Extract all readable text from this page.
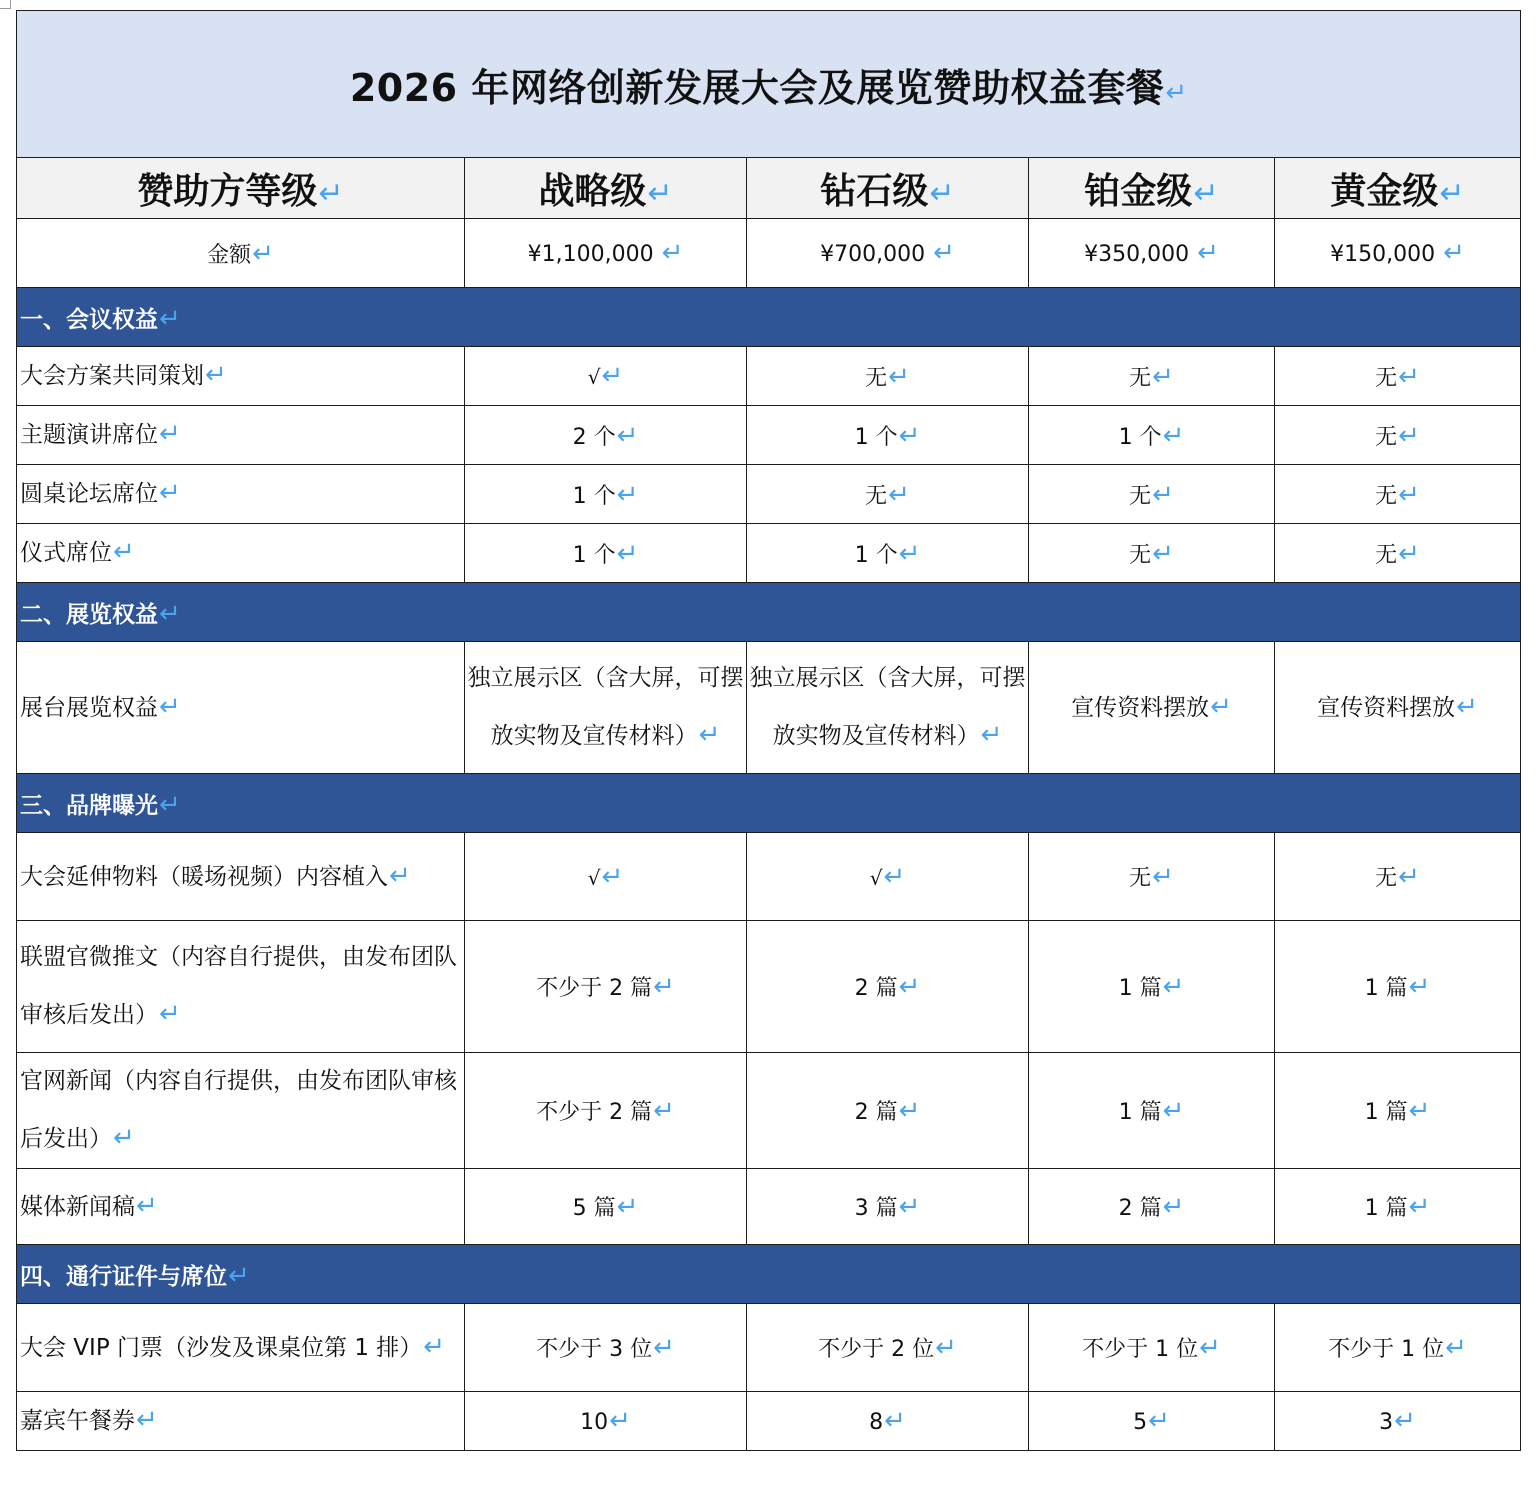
2026 年网络创新发展大会及展览赞助权益套餐↵				
赞助方等级↵	战略级↵	钻石级↵	铂金级↵	黄金级↵
金额↵	¥1,100,000 ↵	¥700,000 ↵	¥350,000 ↵	¥150,000 ↵
一、会议权益↵				
大会方案共同策划↵	√↵	无↵	无↵	无↵
主题演讲席位↵	2 个↵	1 个↵	1 个↵	无↵
圆桌论坛席位↵	1 个↵	无↵	无↵	无↵
仪式席位↵	1 个↵	1 个↵	无↵	无↵
二、展览权益↵				
展台展览权益↵	独立展示区（含大屏，可摆放实物及宣传材料）↵	独立展示区（含大屏，可摆放实物及宣传材料）↵	宣传资料摆放↵	宣传资料摆放↵
三、品牌曝光↵				
大会延伸物料（暖场视频）内容植入↵	√↵	√↵	无↵	无↵
联盟官微推文（内容自行提供，由发布团队审核后发出）↵	不少于 2 篇↵	2 篇↵	1 篇↵	1 篇↵
官网新闻（内容自行提供，由发布团队审核后发出）↵	不少于 2 篇↵	2 篇↵	1 篇↵	1 篇↵
媒体新闻稿↵	5 篇↵	3 篇↵	2 篇↵	1 篇↵
四、通行证件与席位↵				
大会 VIP 门票（沙发及课桌位第 1 排）↵	不少于 3 位↵	不少于 2 位↵	不少于 1 位↵	不少于 1 位↵
嘉宾午餐券↵	10↵	8↵	5↵	3↵
